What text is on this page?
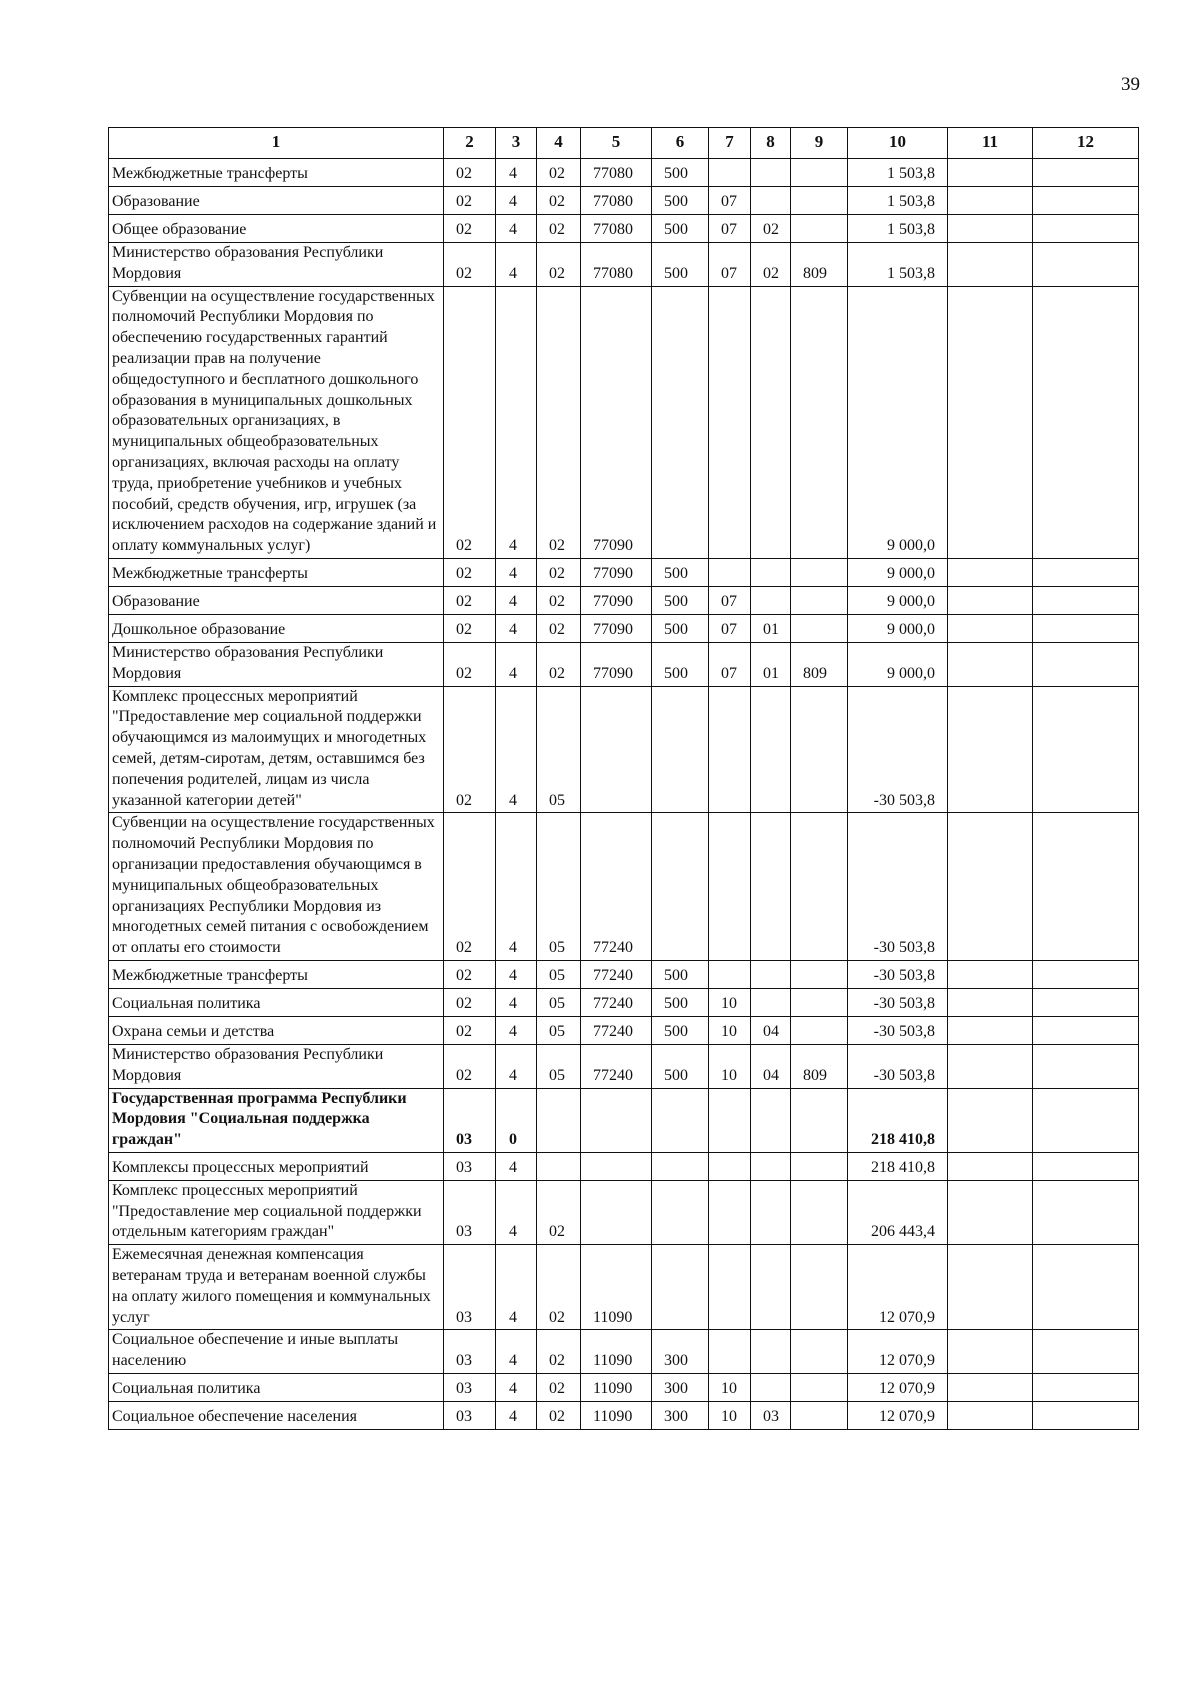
39
1	2	3	4	5	6	7	8	9	10	11	12
Межбюджетные трансферты	02	4	02	77080	500				1 503,8		
Образование	02	4	02	77080	500	07			1 503,8		
Общее образование	02	4	02	77080	500	07	02		1 503,8		
Министерство образования Республики Мордовия	02	4	02	77080	500	07	02	809	1 503,8		
Субвенции на осуществление государственных полномочий Республики Мордовия по обеспечению государственных гарантий реализации прав на получение общедоступного и бесплатного дошкольного образования в муниципальных дошкольных образовательных организациях, в муниципальных общеобразовательных организациях, включая расходы на оплату труда, приобретение учебников и учебных пособий, средств обучения, игр, игрушек (за исключением расходов на содержание зданий и оплату коммунальных услуг)	02	4	02	77090					9 000,0		
Межбюджетные трансферты	02	4	02	77090	500				9 000,0		
Образование	02	4	02	77090	500	07			9 000,0		
Дошкольное образование	02	4	02	77090	500	07	01		9 000,0		
Министерство образования Республики Мордовия	02	4	02	77090	500	07	01	809	9 000,0		
Комплекс процессных мероприятий "Предоставление мер социальной поддержки обучающимся из малоимущих и многодетных семей, детям-сиротам, детям, оставшимся без попечения родителей, лицам из числа указанной категории детей"	02	4	05						-30 503,8		
Субвенции на осуществление государственных полномочий Республики Мордовия по организации предоставления обучающимся в муниципальных общеобразовательных организациях Республики Мордовия из многодетных семей питания с освобождением от оплаты его стоимости	02	4	05	77240					-30 503,8		
Межбюджетные трансферты	02	4	05	77240	500				-30 503,8		
Социальная политика	02	4	05	77240	500	10			-30 503,8		
Охрана семьи и детства	02	4	05	77240	500	10	04		-30 503,8		
Министерство образования Республики Мордовия	02	4	05	77240	500	10	04	809	-30 503,8		
Государственная программа Республики Мордовия "Социальная поддержка граждан"	03	0							218 410,8		
Комплексы процессных мероприятий	03	4							218 410,8		
Комплекс процессных мероприятий "Предоставление мер социальной поддержки отдельным категориям граждан"	03	4	02						206 443,4		
Ежемесячная денежная компенсация ветеранам труда и ветеранам военной службы на оплату жилого помещения и коммунальных услуг	03	4	02	11090					12 070,9		
Социальное обеспечение и иные выплаты населению	03	4	02	11090	300				12 070,9		
Социальная политика	03	4	02	11090	300	10			12 070,9		
Социальное обеспечение населения	03	4	02	11090	300	10	03		12 070,9		
